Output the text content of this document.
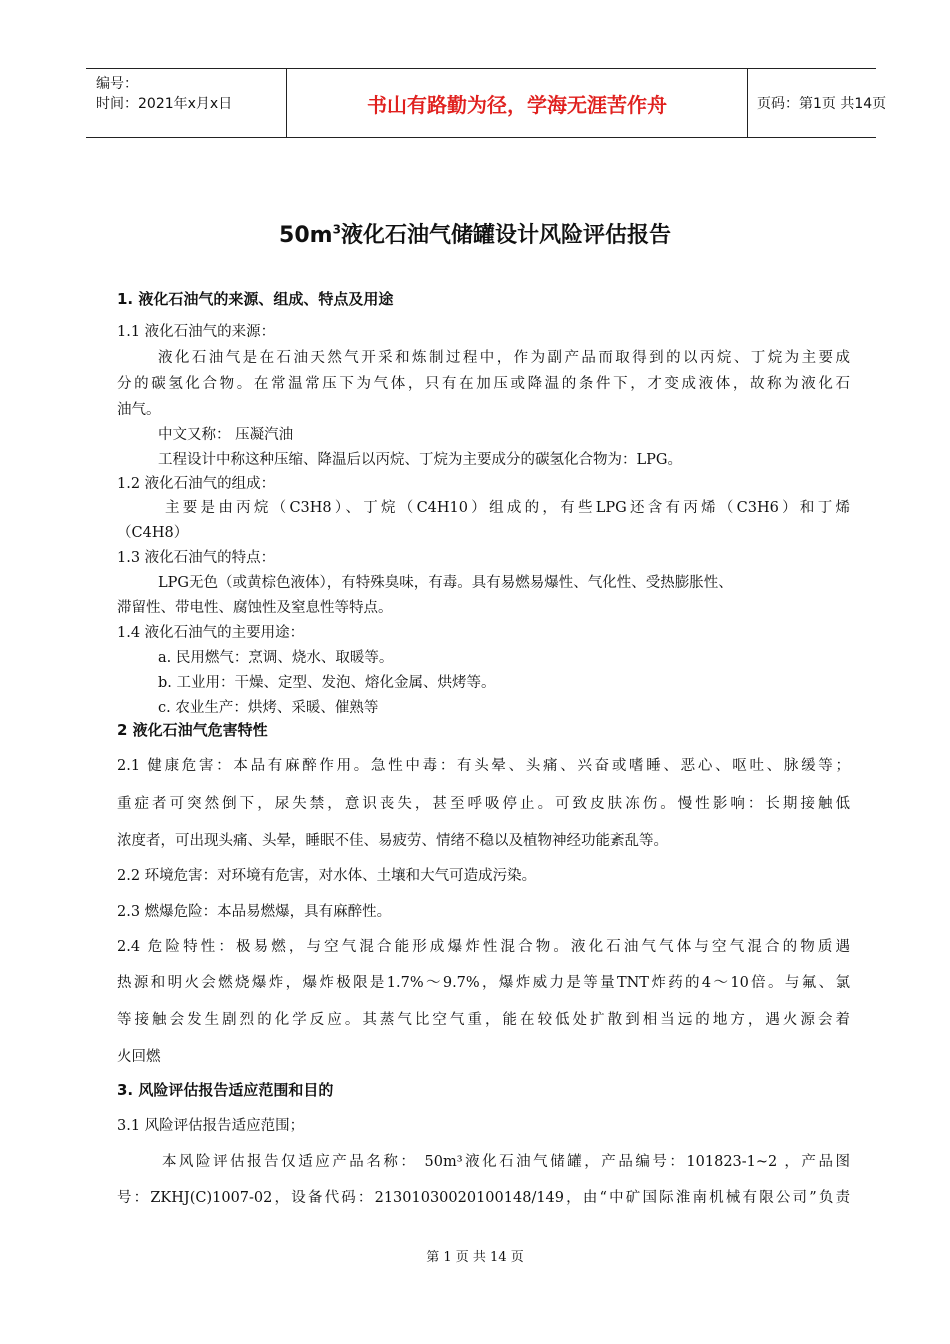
编号：
时间：2021年x月x日	书山有路勤为径，学海无涯苦作舟	页码：第1页 共14页
$50m^3$液化石油气储罐设计风险评估报告
1. 液化石油气的来源、组成、特点及用途
1.1 液化石油气的来源：
液化石油气是在石油天然气开采和炼制过程中，作为副产品而取得到的以丙烷、丁烷为主要成
分的碳氢化合物。在常温常压下为气体，只有在加压或降温的条件下，才变成液体，故称为液化石
油气。
中文又称： 压凝汽油
工程设计中称这种压缩、降温后以丙烷、丁烷为主要成分的碳氢化合物为：LPG。
1.2 液化石油气的组成：
主要是由丙烷（C3H8）、丁烷（C4H10）组成的，有些LPG还含有丙烯（C3H6）和丁烯
（C4H8）
1.3 液化石油气的特点：
LPG无色（或黄棕色液体），有特殊臭味，有毒。具有易燃易爆性、气化性、受热膨胀性、
滞留性、带电性、腐蚀性及窒息性等特点。
1.4 液化石油气的主要用途：
a. 民用燃气：烹调、烧水、取暖等。
b. 工业用：干燥、定型、发泡、熔化金属、烘烤等。
c. 农业生产：烘烤、采暖、催熟等
2 液化石油气危害特性
2.1 健康危害：本品有麻醉作用。急性中毒：有头晕、头痛、兴奋或嗜睡、恶心、呕吐、脉缓等；
重症者可突然倒下，尿失禁，意识丧失，甚至呼吸停止。可致皮肤冻伤。慢性影响：长期接触低
浓度者，可出现头痛、头晕，睡眠不佳、易疲劳、情绪不稳以及植物神经功能紊乱等。
2.2 环境危害：对环境有危害，对水体、土壤和大气可造成污染。
2.3 燃爆危险：本品易燃爆，具有麻醉性。
2.4 危险特性：极易燃，与空气混合能形成爆炸性混合物。液化石油气气体与空气混合的物质遇
热源和明火会燃烧爆炸，爆炸极限是1.7%～9.7%，爆炸威力是等量TNT炸药的4～10倍。与氟、氯
等接触会发生剧烈的化学反应。其蒸气比空气重，能在较低处扩散到相当远的地方，遇火源会着
火回燃
3. 风险评估报告适应范围和目的
3.1 风险评估报告适应范围；
本风险评估报告仅适应产品名称： 50m³液化石油气储罐，产品编号：101823-1~2 ，产品图
号：ZKHJ(C)1007-02，设备代码：21301030020100148/149，由“中矿国际淮南机械有限公司”负责
第 1 页 共 14 页
